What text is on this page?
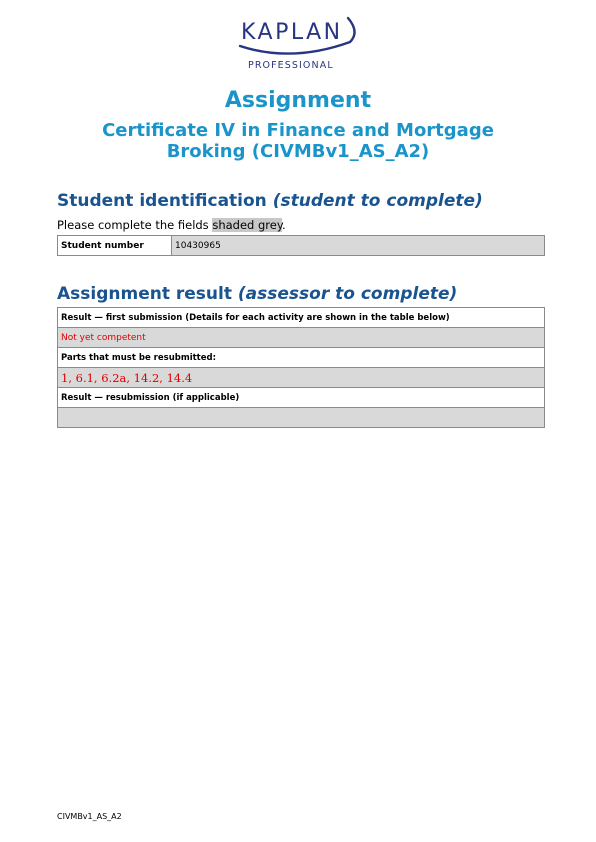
KAPLAN
PROFESSIONAL
Assignment
Certificate IV in Finance and Mortgage Broking (CIVMBv1_AS_A2)
Student identification (student to complete)
Please complete the fields shaded grey.
Student number	10430965
Assignment result (assessor to complete)
Result — first submission (Details for each activity are shown in the table below)
Not yet competent
Parts that must be resubmitted:
1, 6.1, 6.2a, 14.2, 14.4
Result — resubmission (if applicable)

CIVMBv1_AS_A2
